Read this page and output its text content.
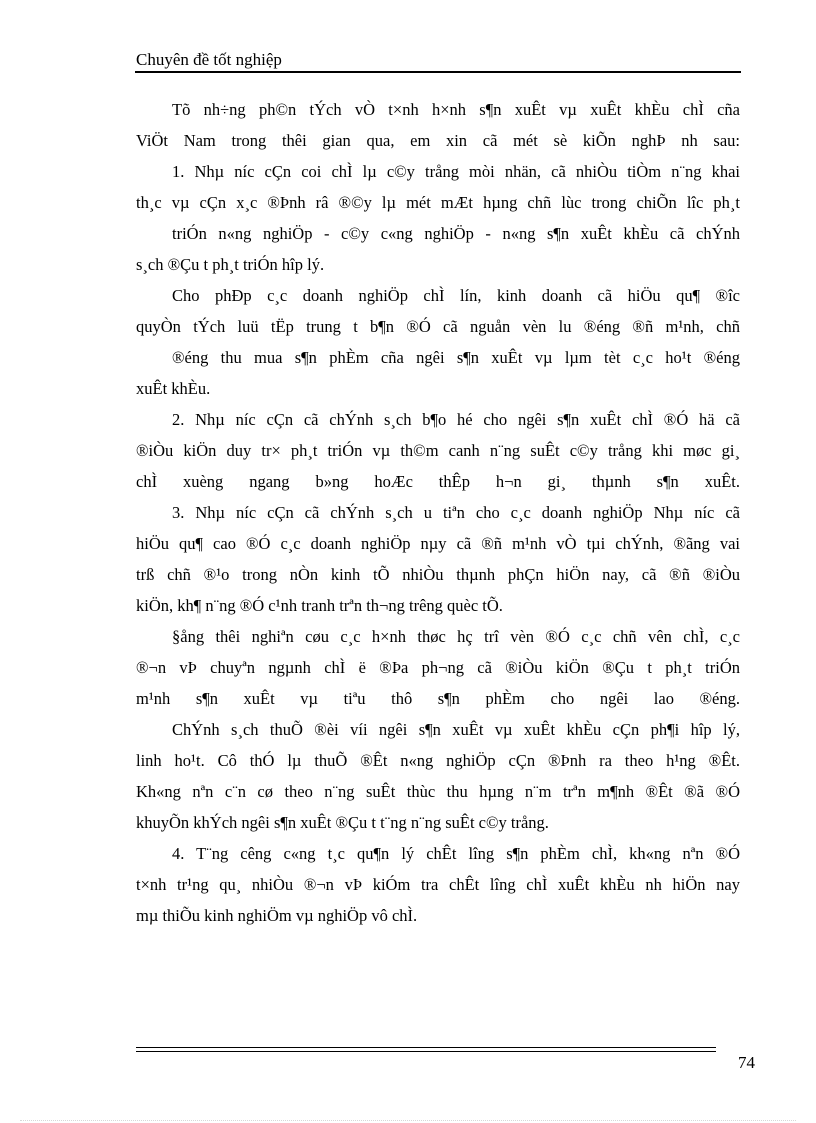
Chuyên đề tốt nghiệp
Tõ nh÷ng ph©n tÝch vÒ t×nh h×nh s¶n xuÊt vµ xuÊt khÈu chÌ cña
ViÖt Nam trong thêi gian qua, em xin cã mét sè kiÕn nghÞ nh sau:
1. Nhµ níc cÇn coi chÌ lµ c©y trång mòi nhän, cã nhiÒu tiÒm n¨ng khai
th¸c vµ cÇn x¸c ®Þnh râ ®©y lµ mét mÆt hµng chñ lùc trong chiÕn lîc ph¸t
triÓn n«ng nghiÖp - c©y c«ng nghiÖp - n«ng s¶n xuÊt khÈu cã chÝnh
s¸ch ®Çu t ph¸t triÓn hîp lý.
Cho phÐp c¸c doanh nghiÖp chÌ lín, kinh doanh cã hiÖu qu¶ ®îc
quyÒn tÝch luü tËp trung t b¶n ®Ó cã nguån vèn lu ®éng ®ñ m¹nh, chñ
®éng thu mua s¶n phÈm cña ngêi s¶n xuÊt vµ lµm tèt c¸c ho¹t ®éng
xuÊt khÈu.
2. Nhµ níc cÇn cã chÝnh s¸ch b¶o hé cho ngêi s¶n xuÊt chÌ ®Ó hä cã
®iÒu kiÖn duy tr× ph¸t triÓn vµ th©m canh n¨ng suÊt c©y trång khi møc gi¸
chÌ xuèng ngang b»ng hoÆc thÊp h¬n gi¸ thµnh s¶n xuÊt.
3. Nhµ níc cÇn cã chÝnh s¸ch u tiªn cho c¸c doanh nghiÖp Nhµ níc cã
hiÖu qu¶ cao ®Ó c¸c doanh nghiÖp nµy cã ®ñ m¹nh vÒ tµi chÝnh, ®ãng vai
trß chñ ®¹o trong nÒn kinh tÕ nhiÒu thµnh phÇn hiÖn nay, cã ®ñ ®iÒu
kiÖn, kh¶ n¨ng ®Ó c¹nh tranh trªn th¬ng trêng quèc tÕ.
§ång thêi nghiªn cøu c¸c h×nh thøc hç trî vèn ®Ó c¸c chñ vên chÌ, c¸c
®¬n vÞ chuyªn ngµnh chÌ ë ®Þa ph¬ng cã ®iÒu kiÖn ®Çu t ph¸t triÓn
m¹nh s¶n xuÊt vµ tiªu thô s¶n phÈm cho ngêi lao ®éng.
ChÝnh s¸ch thuÕ ®èi víi ngêi s¶n xuÊt vµ xuÊt khÈu cÇn ph¶i hîp lý,
linh ho¹t. Cô thÓ lµ thuÕ ®Êt n«ng nghiÖp cÇn ®Þnh ra theo h¹ng ®Êt.
Kh«ng nªn c¨n cø theo n¨ng suÊt thùc thu hµng n¨m trªn m¶nh ®Êt ®ã ®Ó
khuyÕn khÝch ngêi s¶n xuÊt ®Çu t t¨ng n¨ng suÊt c©y trång.
4. T¨ng cêng c«ng t¸c qu¶n lý chÊt lîng s¶n phÈm chÌ, kh«ng nªn ®Ó
t×nh tr¹ng qu¸ nhiÒu ®¬n vÞ kiÓm tra chÊt lîng chÌ xuÊt khÈu nh hiÖn nay
mµ thiÕu kinh nghiÖm vµ nghiÖp vô chÌ.
74
